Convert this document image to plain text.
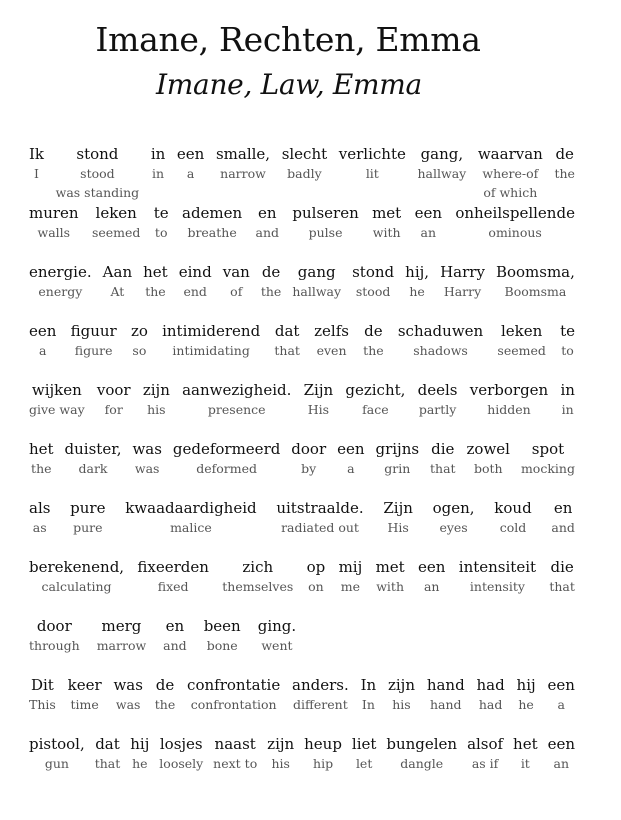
Imane, Rechten, Emma
Imane, Law, Emma
Ik
I
stond
stood
was standing
in
in
een
a
smalle,
narrow
slecht
badly
verlichte
lit
gang,
hallway
waarvan
where-of
of which
de
the
muren
walls
leken
seemed
te
to
ademen
breathe
en
and
pulseren
pulse
met
with
een
an
onheilspellende
ominous
energie.
energy
Aan
At
het
the
eind
end
van
of
de
the
gang
hallway
stond
stood
hij,
he
Harry
Harry
Boomsma,
Boomsma
een
a
figuur
figure
zo
so
intimiderend
intimidating
dat
that
zelfs
even
de
the
schaduwen
shadows
leken
seemed
te
to
wijken
give way
voor
for
zijn
his
aanwezigheid.
presence
Zijn
His
gezicht,
face
deels
partly
verborgen
hidden
in
in
het
the
duister,
dark
was
was
gedeformeerd
deformed
door
by
een
a
grijns
grin
die
that
zowel
both
spot
mocking
als
as
pure
pure
kwaadaardigheid
malice
uitstraalde.
radiated out
Zijn
His
ogen,
eyes
koud
cold
en
and
berekenend,
calculating
fixeerden
fixed
zich
themselves
op
on
mij
me
met
with
een
an
intensiteit
intensity
die
that
door
through
merg
marrow
en
and
been
bone
ging.
went
Dit
This
keer
time
was
was
de
the
confrontatie
confrontation
anders.
different
In
In
zijn
his
hand
hand
had
had
hij
he
een
a
pistool,
gun
dat
that
hij
he
losjes
loosely
naast
next to
zijn
his
heup
hip
liet
let
bungelen
dangle
alsof
as if
het
it
een
an
